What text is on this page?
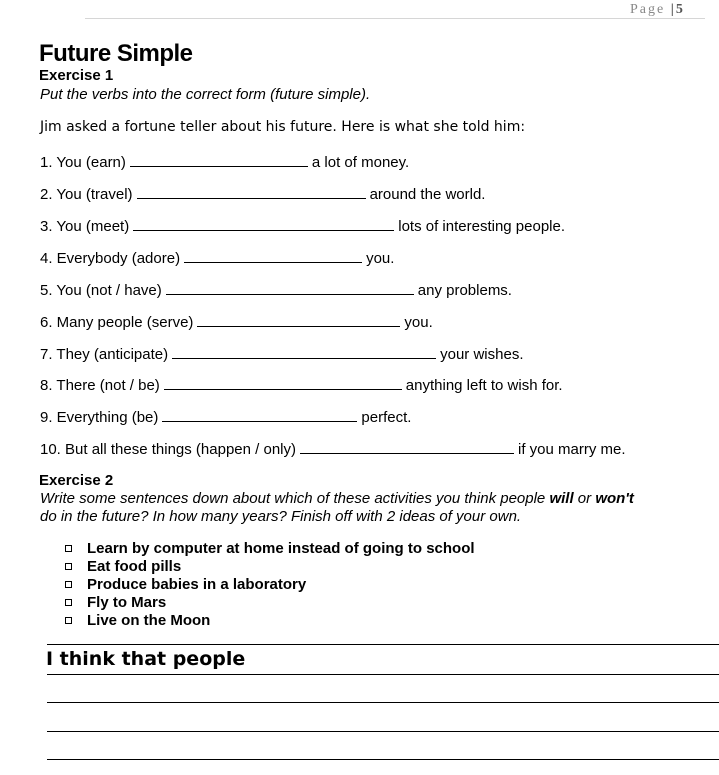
Page |5
Future Simple
Exercise 1
Put the verbs into the correct form (future simple).
Jim asked a fortune teller about his future. Here is what she told him:
1. You (earn)	a lot of money.
2. You (travel)	around the world.
3. You (meet)	lots of interesting people.
4. Everybody (adore)	you.
5. You (not / have)	any problems.
6. Many people (serve)	you.
7. They (anticipate)	your wishes.
8. There (not / be)	anything left to wish for.
9. Everything (be)	perfect.
10. But all these things (happen / only)	if you marry me.
Exercise 2
Write some sentences down about which of these activities you think people will or won't
do in the future? In how many years? Finish off with 2 ideas of your own.
Learn by computer at home instead of going to school
Eat food pills
Produce babies in a laboratory
Fly to Mars
Live on the Moon
I think that people
